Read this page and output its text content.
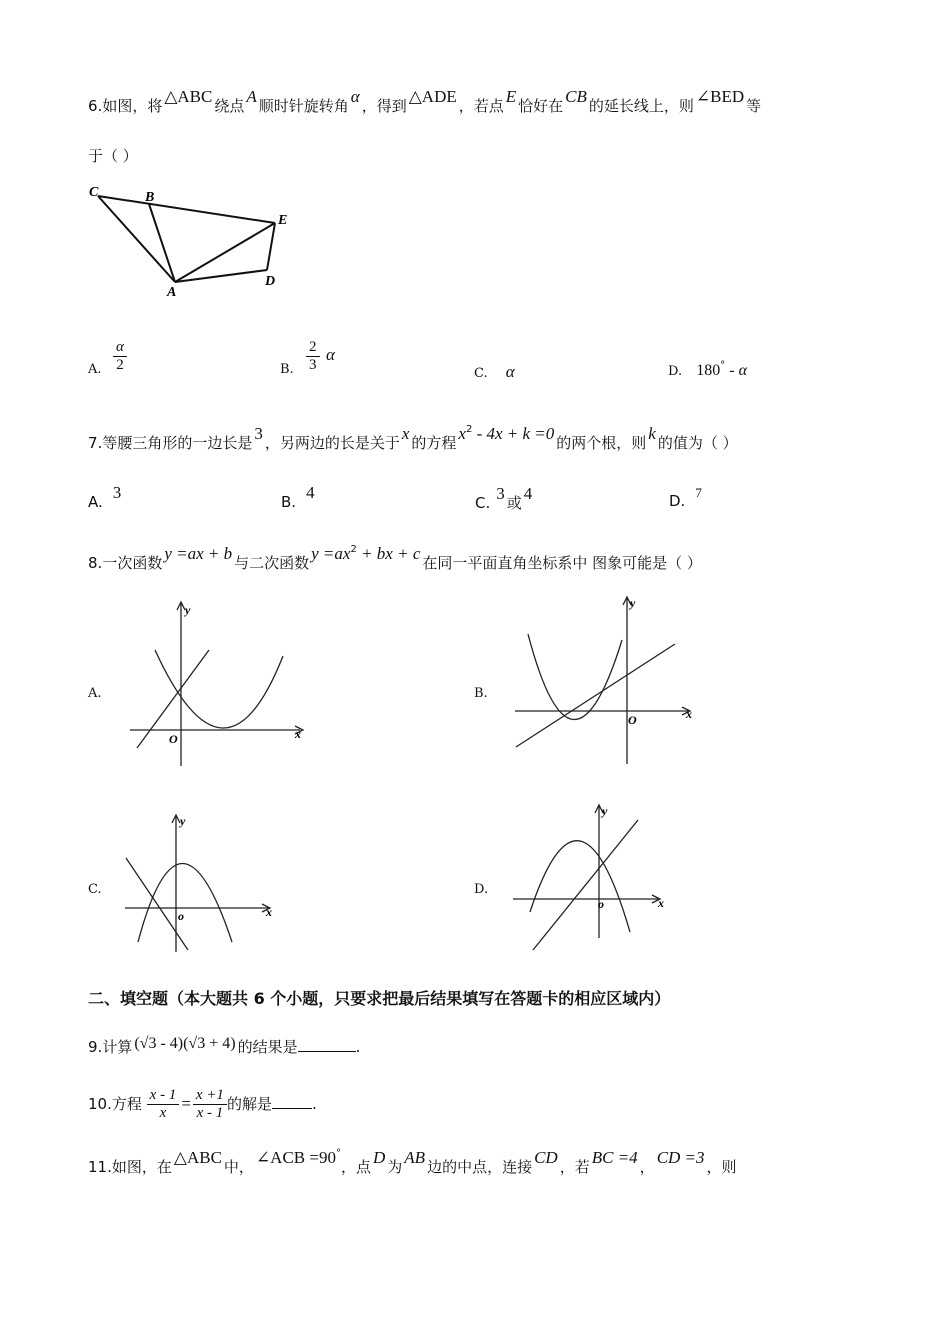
6.如图，将 △ABC 绕点 A 顺时针旋转角 α ，得到 △ADE ，若点 E 恰好在 CB 的延长线上，则 ∠BED 等
于（ ）
C	B
E
A
D
A. $\frac{\alpha}{2}$	B. $\frac{2}{3}$ α
C. α	D. 180° - α
7.等腰三角形的一边长是 3 ，另两边的长是关于 x 的方程 $x^2 - 4x + k =0$ 的两个根，则 k 的值为（ ）
A. 3	B. 4
C. 3 或 4	D. 7
8.一次函数 y =ax + b 与二次函数 $y =ax^2$ + bx + c 在同一平面直角坐标系中 图象可能是（ ）
A.
x
y
O
B.
x
y
O
C.
x
y
o
D.
x
y
o
二、填空题（本大题共 6 个小题，只要求把最后结果填写在答题卡的相应区域内）
9.计算 (√3 - 4)(√3 + 4) 的结果是	.
10.方程 $\frac{x - 1}{x} = \frac{x +1}{x - 1}$ 的解是	.
11.如图，在 △ABC 中， ∠ACB =90°，点 D 为 AB 边的中点，连接 CD ，若 BC =4 ， CD =3 ，则
